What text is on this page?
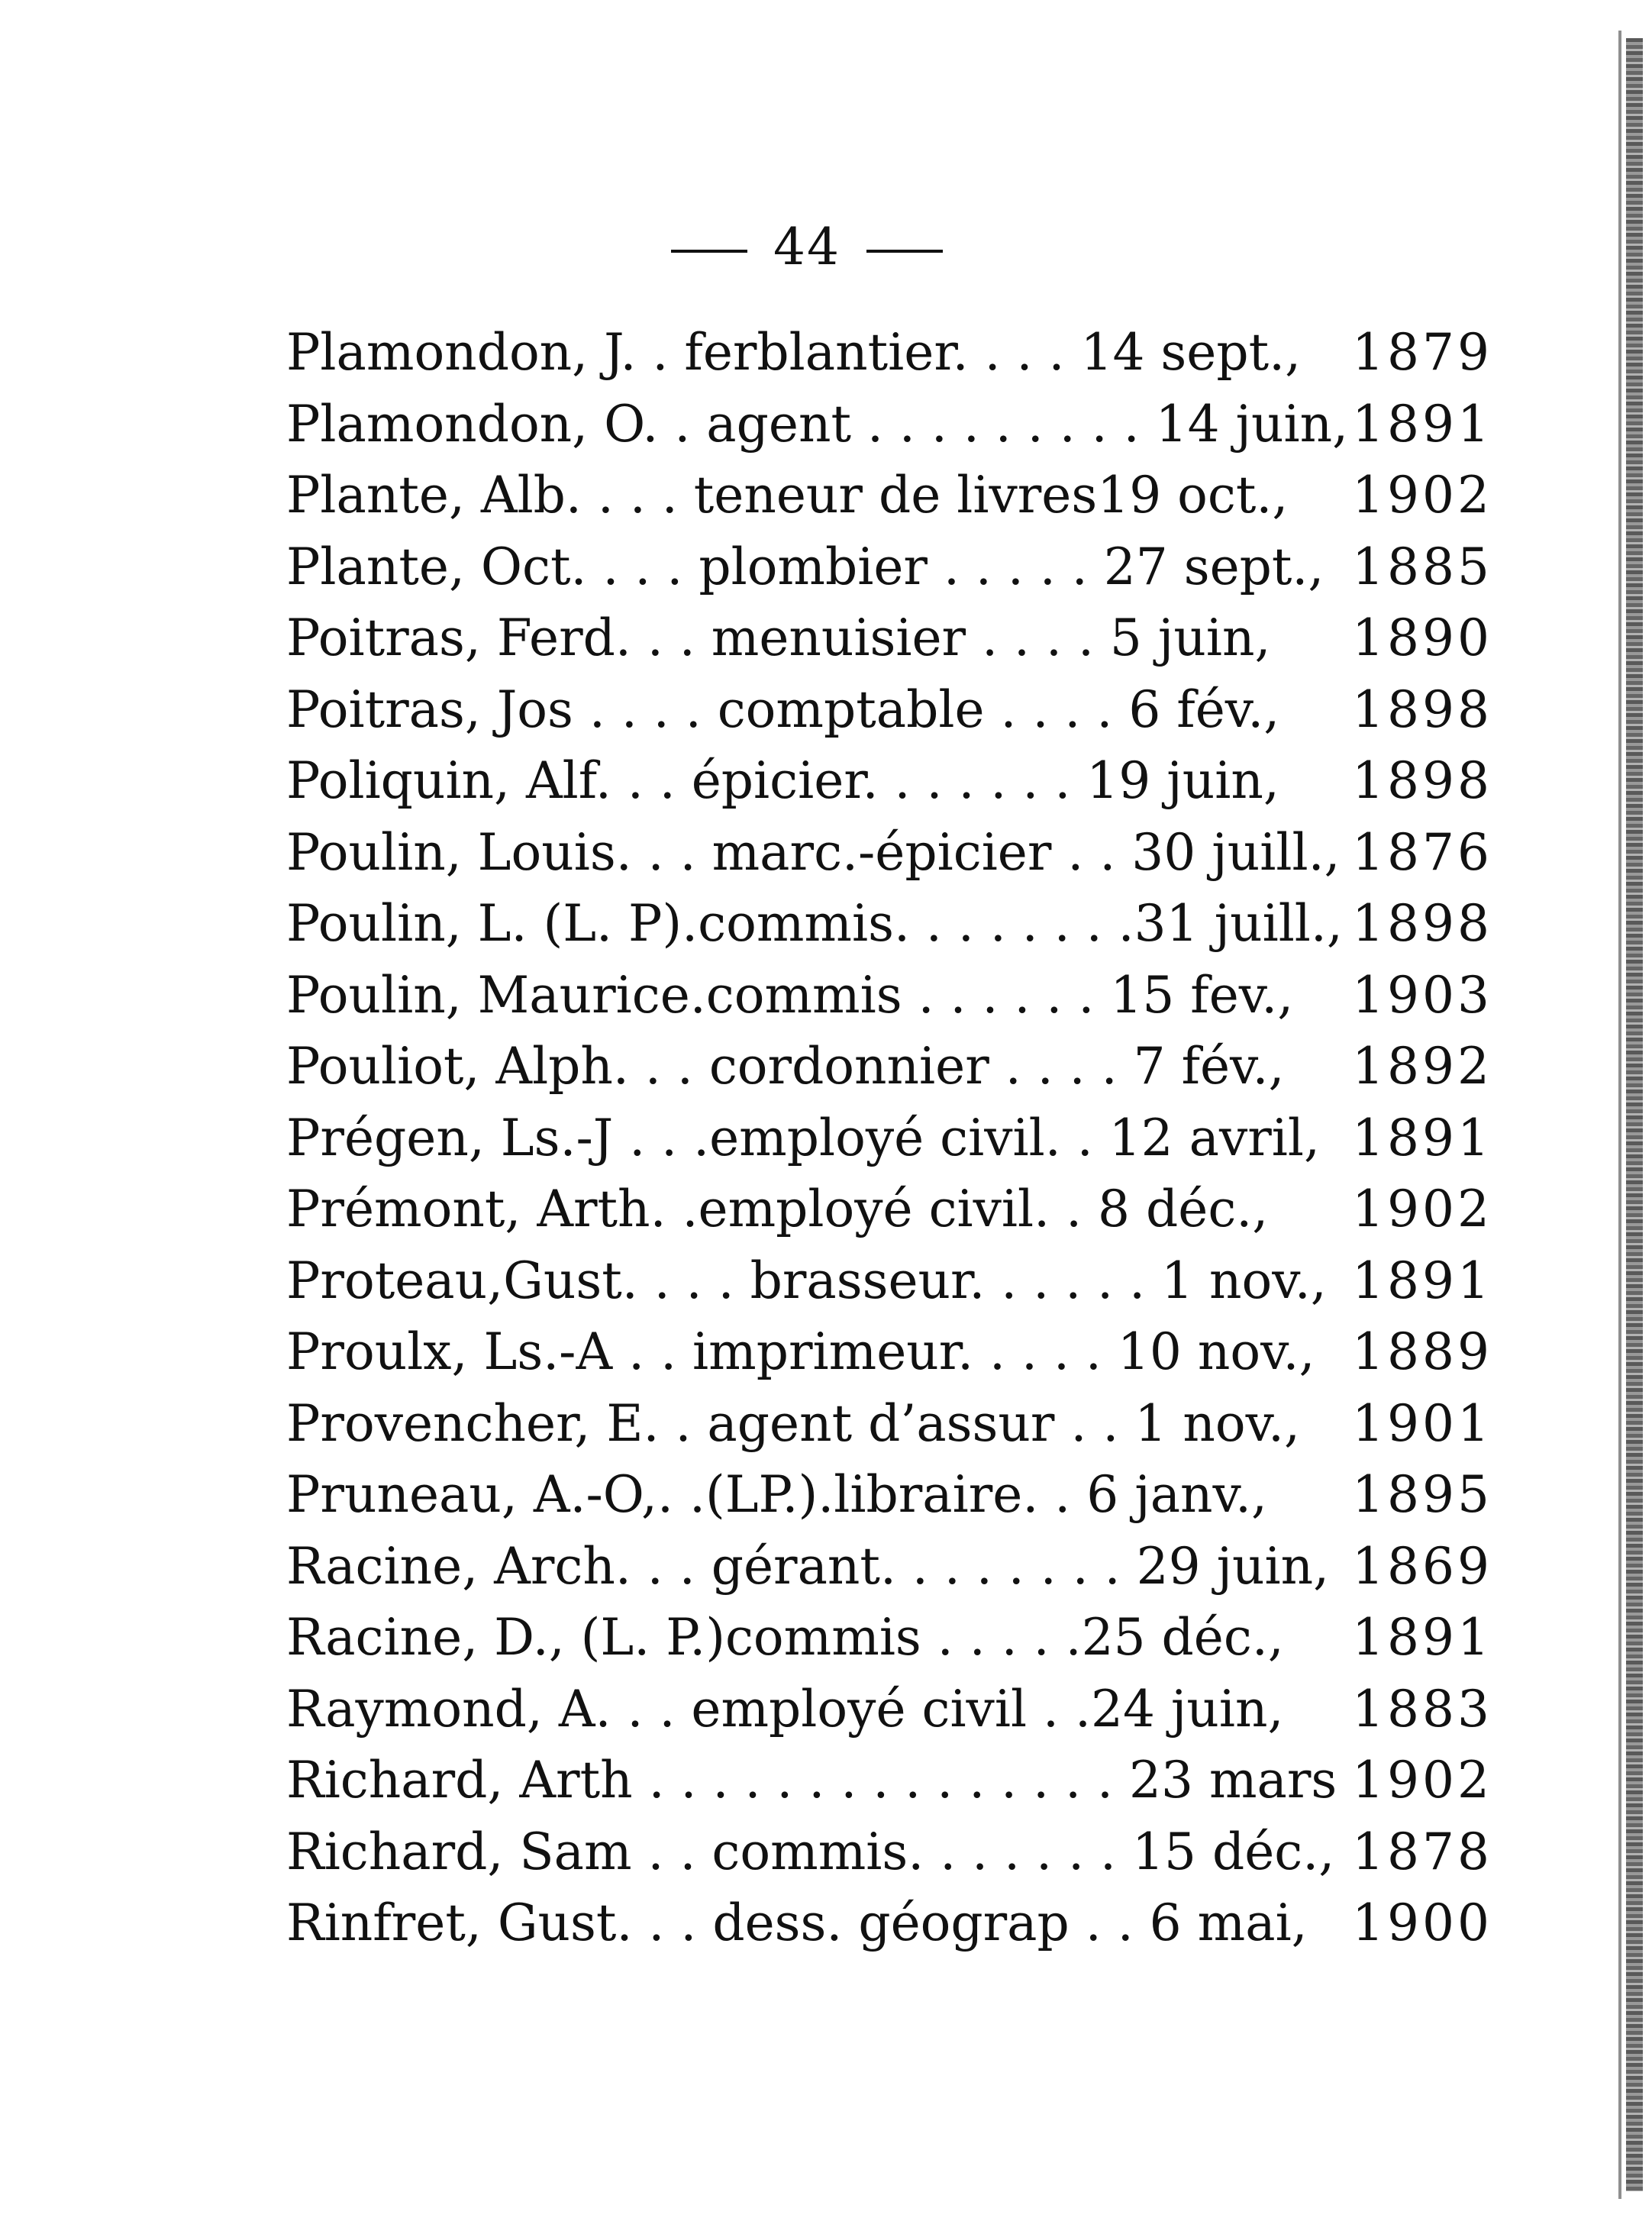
44
Plamondon, J. . ferblantier. . . . 14 sept., 1879
Plamondon, O. . agent . . . . . . . . . 14 juin, 1891
Plante, Alb. . . . teneur de livres19 oct., 1902
Plante, Oct. . . . plombier . . . . . 27 sept., 1885
Poitras, Ferd. . . menuisier . . . . 5 juin, 1890
Poitras, Jos . . . . comptable . . . . 6 fév., 1898
Poliquin, Alf. . . épicier. . . . . . . 19 juin, 1898
Poulin, Louis. . . marc.-épicier . . 30 juill., 1876
Poulin, L. (L. P).commis. . . . . . . .31 juill., 1898
Poulin, Maurice.commis . . . . . . 15 fev., 1903
Pouliot, Alph. . . cordonnier . . . . 7 fév., 1892
Prégen, Ls.-J . . .employé civil. . 12 avril, 1891
Prémont, Arth. .employé civil. . 8 déc., 1902
Proteau,Gust. . . . brasseur. . . . . . 1 nov., 1891
Proulx, Ls.-A . . imprimeur. . . . . 10 nov., 1889
Provencher, E. . agent d’assur . . 1 nov., 1901
Pruneau, A.-O,. .(LP.).libraire. . 6 janv., 1895
Racine, Arch. . . gérant. . . . . . . . 29 juin, 1869
Racine, D., (L. P.)commis . . . . .25 déc., 1891
Raymond, A. . . employé civil . .24 juin, 1883
Richard, Arth . . . . . . . . . . . . . . . 23 mars 1902
Richard, Sam . . commis. . . . . . . 15 déc., 1878
Rinfret, Gust. . . dess. géograp . . 6 mai, 1900
